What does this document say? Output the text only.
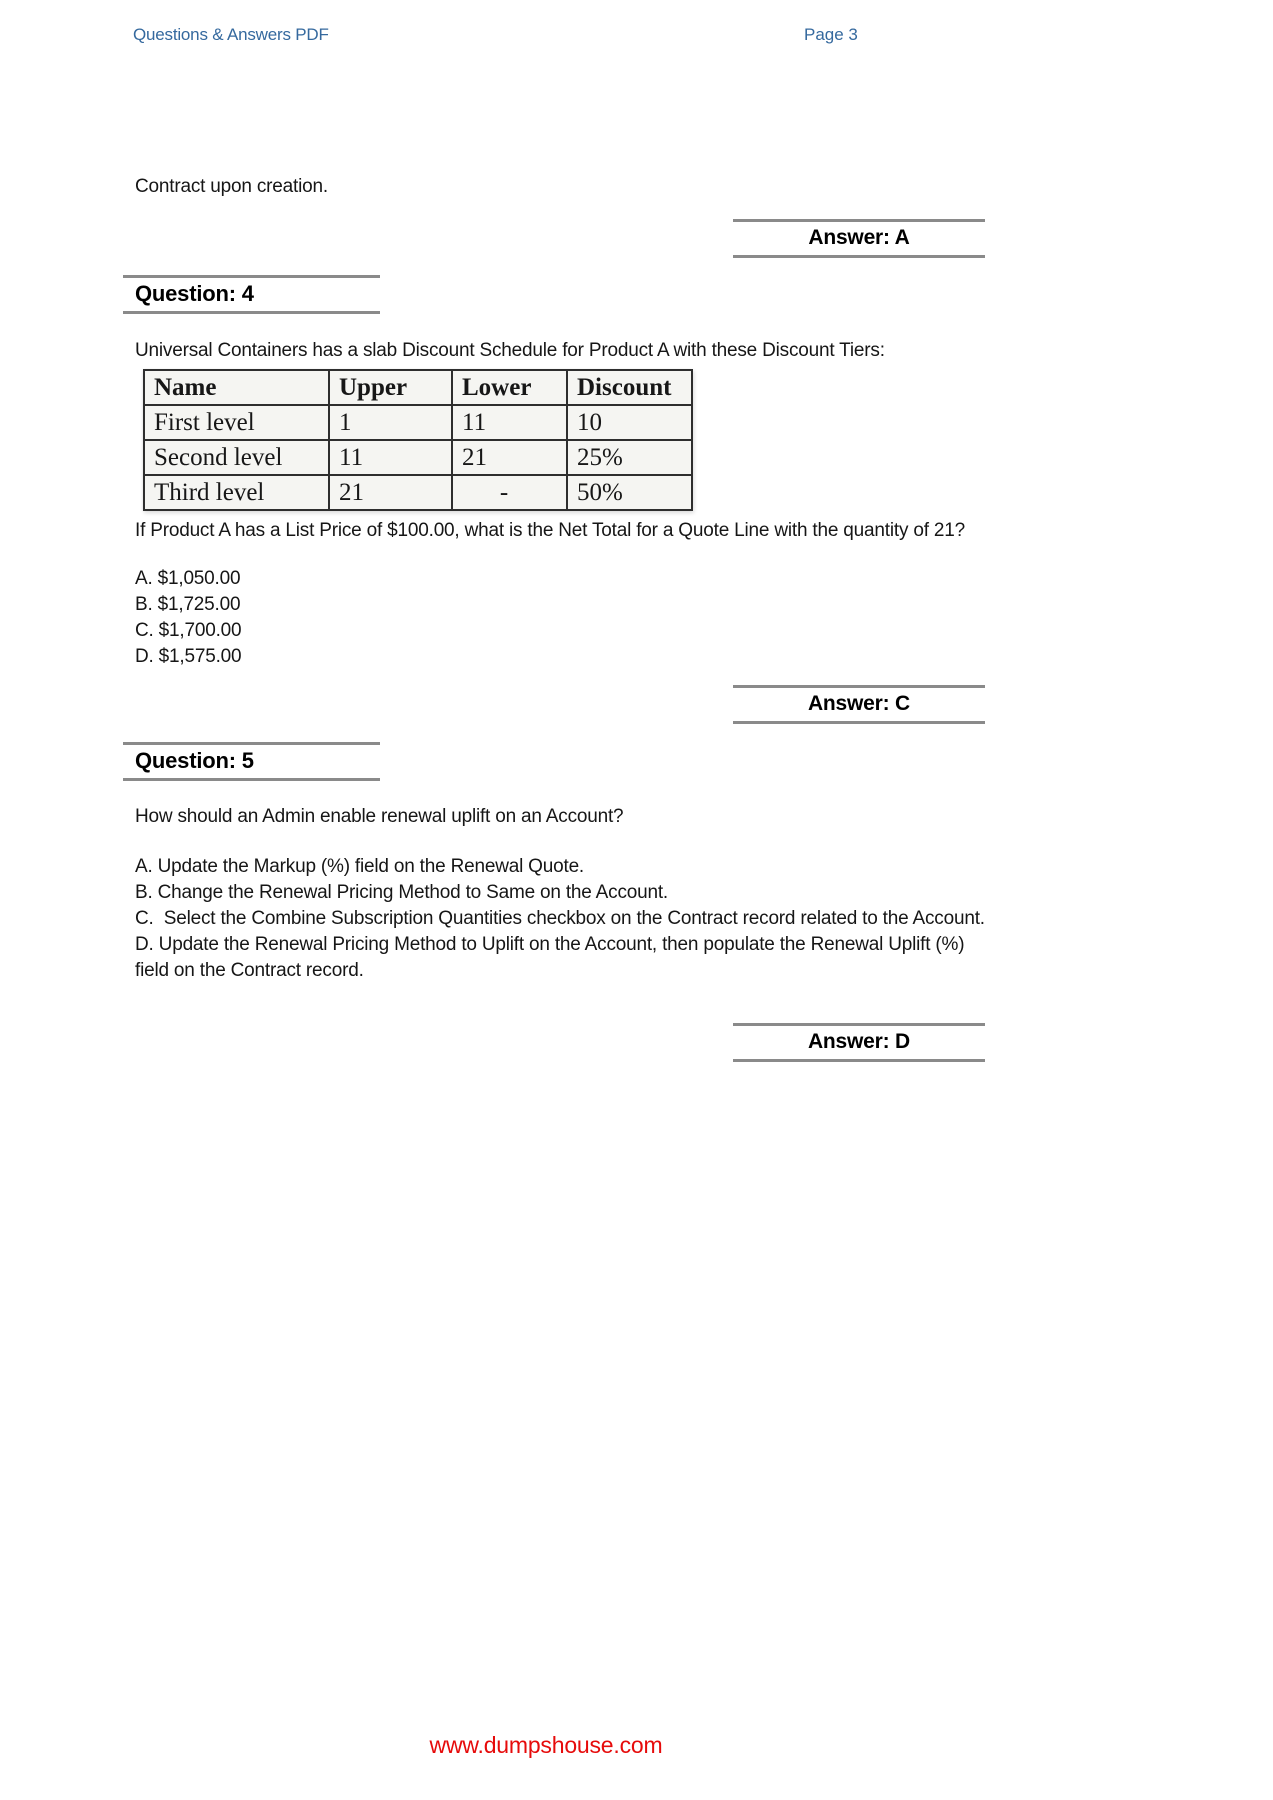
Questions & Answers PDF	Page 3
Contract upon creation.
Answer: A
Question: 4
Universal Containers has a slab Discount Schedule for Product A with these Discount Tiers:
Name	Upper	Lower	Discount
First level	1	11	10
Second level	11	21	25%
Third level	21	-	50%
If Product A has a List Price of $100.00, what is the Net Total for a Quote Line with the quantity of 21?
A. $1,050.00
B. $1,725.00
C. $1,700.00
D. $1,575.00
Answer: C
Question: 5
How should an Admin enable renewal uplift on an Account?
A. Update the Markup (%) field on the Renewal Quote.
B. Change the Renewal Pricing Method to Same on the Account.
C.  Select the Combine Subscription Quantities checkbox on the Contract record related to the Account.
D. Update the Renewal Pricing Method to Uplift on the Account, then populate the Renewal Uplift (%) field on the Contract record.
Answer: D
www.dumpshouse.com
